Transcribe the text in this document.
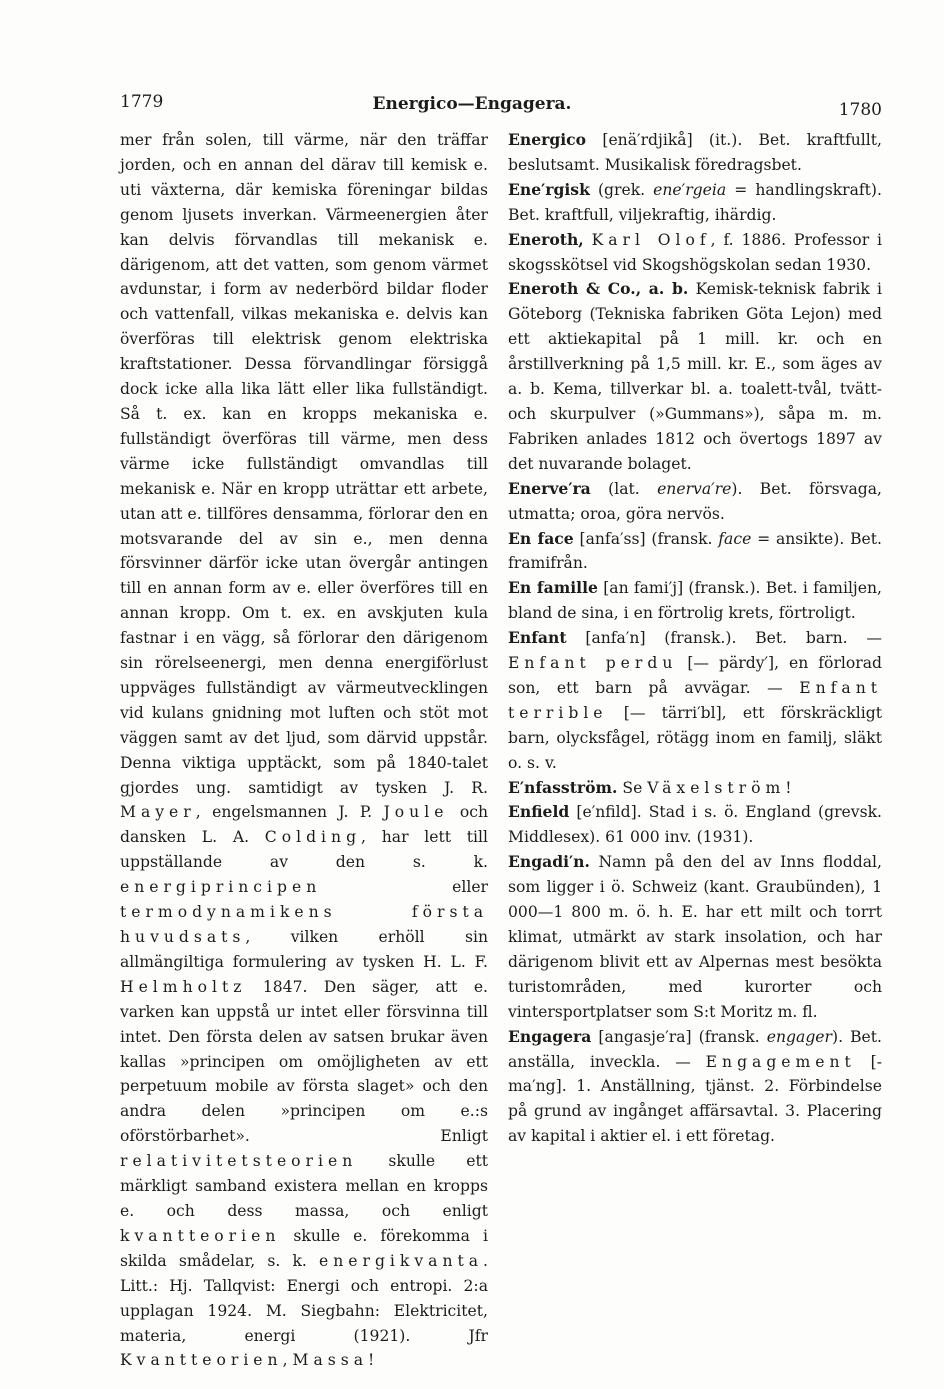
1779	Energico—Engagera.	1780

mer från solen, till värme, när den träffar jorden, och en annan del därav till kemisk e. uti växterna, där kemiska föreningar bildas genom ljusets inverkan. Värmeenergien åter kan delvis förvandlas till mekanisk e. därigenom, att det vatten, som genom värmet avdunstar, i form av nederbörd bildar floder och vattenfall, vilkas mekaniska e. delvis kan överföras till elektrisk genom elektriska kraftstationer. Dessa förvandlingar försiggå dock icke alla lika lätt eller lika fullständigt. Så t. ex. kan en kropps mekaniska e. fullständigt överföras till värme, men dess värme icke fullständigt omvandlas till mekanisk e. När en kropp uträttar ett arbete, utan att e. tillföres densamma, förlorar den en motsvarande del av sin e., men denna försvinner därför icke utan övergår antingen till en annan form av e. eller överföres till en annan kropp. Om t. ex. en avskjuten kula fastnar i en vägg, så förlorar den därigenom sin rörelseenergi, men denna energiförlust uppväges fullständigt av värmeutvecklingen vid kulans gnidning mot luften och stöt mot väggen samt av det ljud, som därvid uppstår. Denna viktiga upptäckt, som på 1840-talet gjordes ung. samtidigt av tysken J. R. Mayer, engelsmannen J. P. Joule och dansken L. A. Colding, har lett till uppställande av den s. k. energiprincipen eller termodynamikens första huvudsats, vilken erhöll sin allmängiltiga formulering av tysken H. L. F. Helmholtz 1847. Den säger, att e. varken kan uppstå ur intet eller försvinna till intet. Den första delen av satsen brukar även kallas »principen om omöjligheten av ett perpetuum mobile av första slaget» och den andra delen »principen om e.:s oförstörbarhet». Enligt relativitetsteorien skulle ett märkligt samband existera mellan en kropps e. och dess massa, och enligt kvantteorien skulle e. förekomma i skilda smådelar, s. k. energikvanta. Litt.: Hj. Tallqvist: Energi och entropi. 2:a upplagan 1924. M. Siegbahn: Elektricitet, materia, energi (1921). Jfr Kvantteorien, Massa!

Energico [enä′rdjikå] (it.). Bet. kraftfullt, beslutsamt. Musikalisk föredragsbet.

Ene′rgisk (grek. ene′rgeia = handlingskraft). Bet. kraftfull, viljekraftig, ihärdig.

Eneroth, Karl Olof, f. 1886. Professor i skogsskötsel vid Skogshögskolan sedan 1930.

Eneroth & Co., a. b. Kemisk-teknisk fabrik i Göteborg (Tekniska fabriken Göta Lejon) med ett aktiekapital på 1 mill. kr. och en årstillverkning på 1,5 mill. kr. E., som äges av a. b. Kema, tillverkar bl. a. toalett-tvål, tvätt- och skurpulver (»Gummans»), såpa m. m. Fabriken anlades 1812 och övertogs 1897 av det nuvarande bolaget.

Enerve′ra (lat. enerva′re). Bet. försvaga, utmatta; oroa, göra nervös.

En face [anfa′ss] (fransk. face = ansikte). Bet. framifrån.

En famille [an fami′j] (fransk.). Bet. i familjen, bland de sina, i en förtrolig krets, förtroligt.

Enfant [anfa′n] (fransk.). Bet. barn. — Enfant perdu [— pärdy′], en förlorad son, ett barn på avvägar. — Enfant terrible [— tärri′bl], ett förskräckligt barn, olycksfågel, rötägg inom en familj, släkt o. s. v.

E′nfasström. Se Växelström!

Enfield [e′nfild]. Stad i s. ö. England (grevsk. Middlesex). 61 000 inv. (1931).

Engadi′n. Namn på den del av Inns floddal, som ligger i ö. Schweiz (kant. Graubünden), 1 000—1 800 m. ö. h. E. har ett milt och torrt klimat, utmärkt av stark insolation, och har därigenom blivit ett av Alpernas mest besökta turistområden, med kurorter och vintersportplatser som S:t Moritz m. fl.

Engagera [angasje′ra] (fransk. engager). Bet. anställa, inveckla. — Engagement [-ma′ng]. 1. Anställning, tjänst. 2. Förbindelse på grund av ingånget affärsavtal. 3. Placering av kapital i aktier el. i ett företag.
